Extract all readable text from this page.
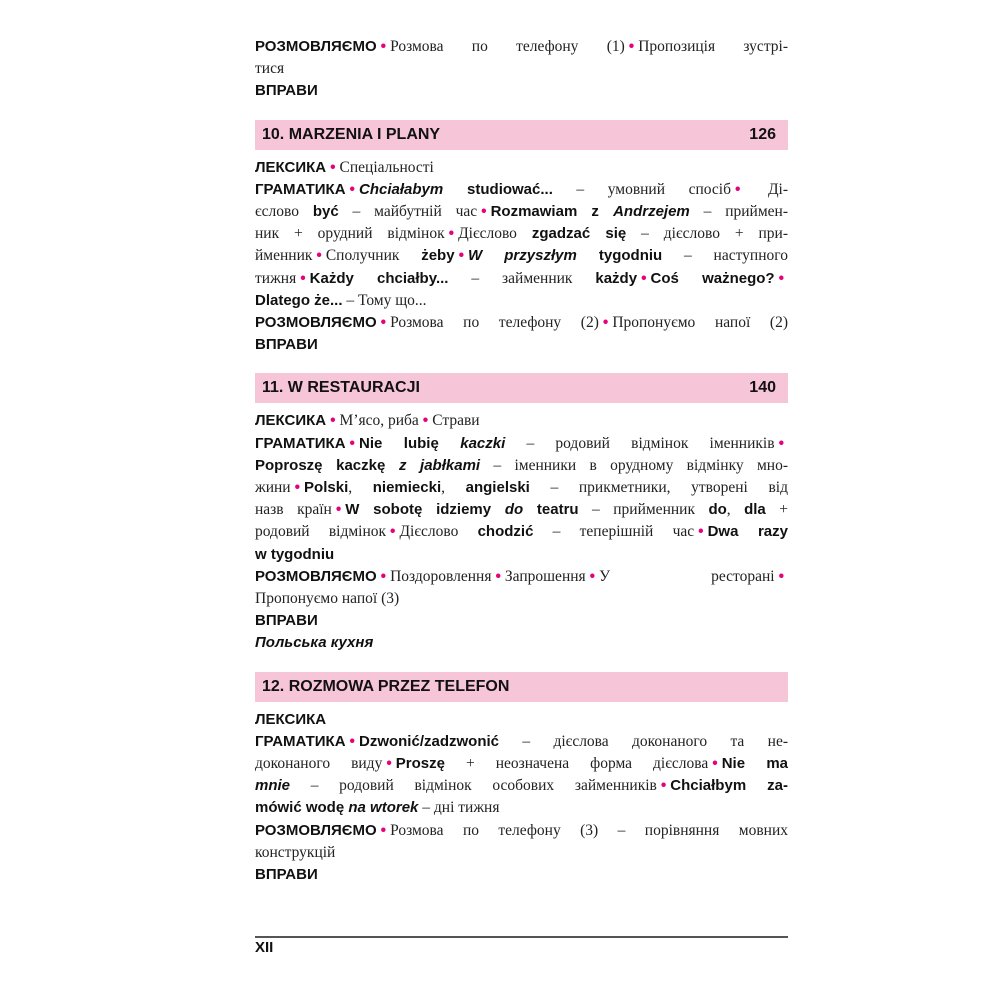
РОЗМОВЛЯЄМО • Розмова по телефону (1) • Пропозиція зустрі-
тися
ВПРАВИ
10. MARZENIA I PLANY	126
ЛЕКСИКА • Спеціальності
ГРАМАТИКА • Chciałabym studiować... – умовний спосіб • Ді-
єслово być – майбутній час • Rozmawiam z Andrzejem – приймен-
ник + орудний відмінок • Дієслово zgadzać się – дієслово + при-
йменник • Сполучник żeby • W przyszłym tygodniu – наступного
тижня • Każdy chciałby... – займенник każdy • Coś ważnego? •
Dlatego że... – Тому що...
РОЗМОВЛЯЄМО • Розмова по телефону (2) • Пропонуємо напої (2)
ВПРАВИ
11. W RESTAURACJI	140
ЛЕКСИКА • М’ясо, риба • Страви
ГРАМАТИКА • Nie lubię kaczki – родовий відмінок іменників •
Poproszę kaczkę z jabłkami – іменники в орудному відмінку мно-
жини • Polski, niemiecki, angielski – прикметники, утворені від
назв країн • W sobotę idziemy do teatru – прийменник do, dla +
родовий відмінок • Дієслово chodzić – теперішній час • Dwa razy
w tygodniu
РОЗМОВЛЯЄМО • Поздоровлення • Запрошення • У ресторані •
Пропонуємо напої (3)
ВПРАВИ
Польська кухня
12. ROZMOWA PRZEZ TELEFON
ЛЕКСИКА
ГРАМАТИКА • Dzwonić/zadzwonić – дієслова доконаного та не-
доконаного виду • Proszę + неозначена форма дієслова • Nie ma
mnie – родовий відмінок особових займенників • Chciałbym za-
mówić wodę na wtorek – дні тижня
РОЗМОВЛЯЄМО • Розмова по телефону (3) – порівняння мовних
конструкцій
ВПРАВИ
XII
